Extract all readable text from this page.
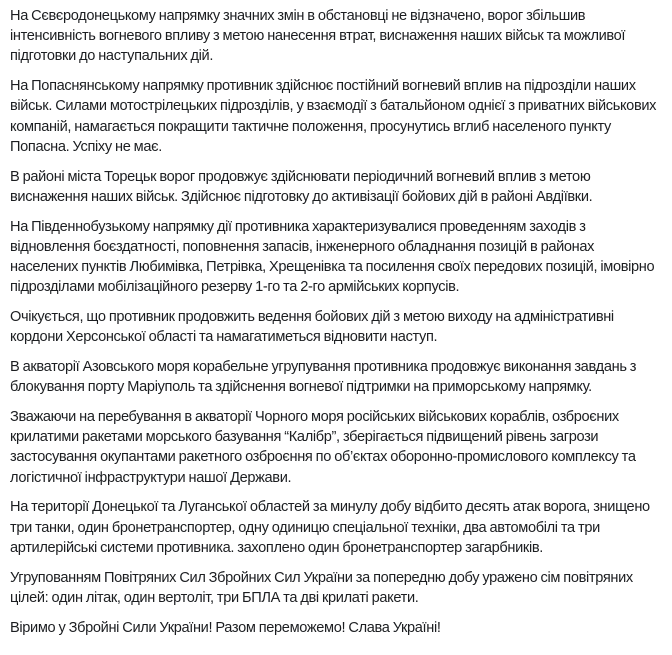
На Сєвєродонецькому напрямку значних змін в обстановці не відзначено, ворог збільшив інтенсивність вогневого впливу з метою нанесення втрат, виснаження наших військ та можливої підготовки до наступальних дій.

На Попаснянському напрямку противник здійснює постійний вогневий вплив на підрозділи наших військ. Силами мотострілецьких підрозділів, у взаємодії з батальйоном однієї з приватних військових компаній, намагається покращити тактичне положення, просунутись вглиб населеного пункту Попасна. Успіху не має.

В районі міста Торецьк ворог продовжує здійснювати періодичний вогневий вплив з метою виснаження наших військ. Здійснює підготовку до активізації бойових дій в районі Авдіївки.

На Південнобузькому напрямку дії противника характеризувалися проведенням заходів з відновлення боєздатності, поповнення запасів, інженерного обладнання позицій в районах населених пунктів Любимівка, Петрівка, Хрещенівка та посилення своїх передових позицій, імовірно підрозділами мобілізаційного резерву 1-го та 2-го армійських корпусів.

Очікується, що противник продовжить ведення бойових дій з метою виходу на адміністративні кордони Херсонської області та намагатиметься відновити наступ.

В акваторії Азовського моря корабельне угрупування противника продовжує виконання завдань з блокування порту Маріуполь та здійснення вогневої підтримки на приморському напрямку.

Зважаючи на перебування в акваторії Чорного моря російських військових кораблів, озброєних крилатими ракетами морського базування “Калібр”, зберігається підвищений рівень загрози застосування окупантами ракетного озброєння по об’єктах оборонно-промислового комплексу та логістичної інфраструктури нашої Держави.

На території Донецької та Луганської областей за минулу добу відбито десять атак ворога, знищено три танки, один бронетранспортер, одну одиницю спеціальної техніки, два автомобілі та три артилерійські системи противника. захоплено один бронетранспортер загарбників.

Угрупованням Повітряних Сил Збройних Сил України за попередню добу уражено сім повітряних цілей: один літак, один вертоліт, три БПЛА та дві крилаті ракети.

Віримо у Збройні Сили України! Разом переможемо! Слава Україні!
